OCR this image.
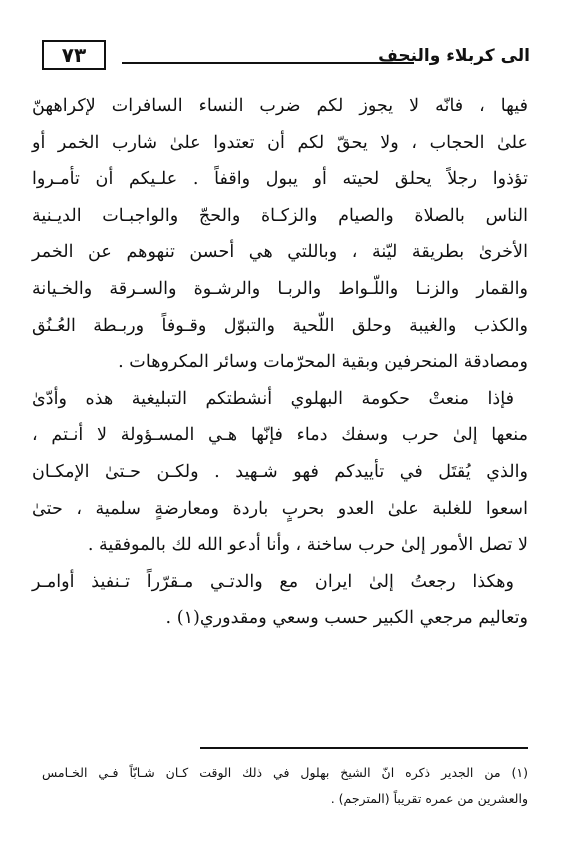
٧٣	الى كربلاء والنجف
فيها ، فانّه لا يجوز لكم ضرب النساء السافرات لإكراههنّ
علىٰ الحجاب ، ولا يحقّ لكم أن تعتدوا علىٰ شارب الخمر أو
تؤذوا رجلاً يحلق لحيته أو يبول واقفاً . علـيكم أن تأمـروا
الناس بالصلاة والصيام والزكـاة والحجّ والواجبـات الديـنية
الأخرىٰ بطريقة ليّنة ، وباللتي هي أحسن تنهوهم عن الخمر
والقمار والزنـا واللّـواط والربـا والرشـوة والسـرقة والخـيانة
والكذب والغيبة وحلق اللّحية والتبوّل وقـوفاً وربـطة العُـنُق
ومصادقة المنحرفين وبقية المحرّمات وسائر المكروهات .
فإذا منعتْ حكومة البهلوي أنشطتكم التبليغية هذه وأدّىٰ
منعها إلىٰ حرب وسفك دماء فإنّها هـي المسـؤولة لا أنـتم ،
والذي يُقتَل في تأييدكم فهو شـهيد . ولكـن حـتىٰ الإمكـان
اسعوا للغلبة علىٰ العدو بحربٍ باردة ومعارضةٍ سلمية ، حتىٰ
لا تصل الأمور إلىٰ حرب ساخنة ، وأنا أدعو الله لك بالموفقية .
وهكذا رجعتُ إلىٰ ايران مع والدتـي مـقرّراً تـنفيذ أوامـر
وتعاليم مرجعي الكبير حسب وسعي ومقدوري(١) .
(١) من الجدير ذكره انّ الشيخ بهلول في ذلك الوقت كـان شـابّاً فـي الخـامس
والعشرين من عمره تقريباً (المترجم) .
